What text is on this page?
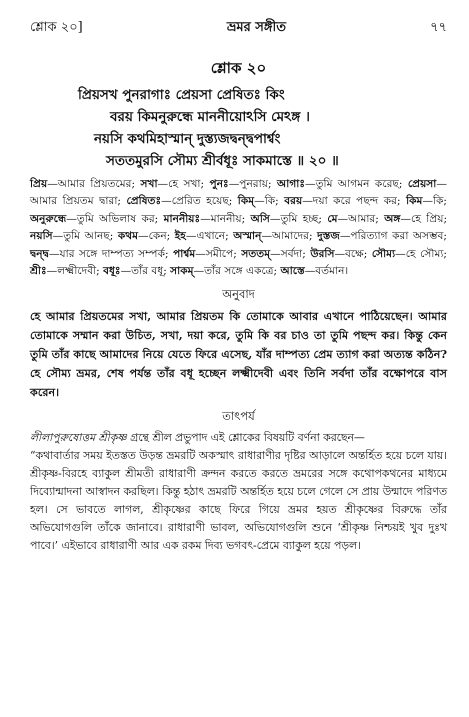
শ্লোক ২০]	ভ্রমর সঙ্গীত	৭৭
শ্লোক ২০
প্রিয়সখ পুনরাগাঃ প্রেয়সা প্রেষিতঃ কিং
বরয় কিমনুরুন্ধে মাননীয়োঽসি মেঽঙ্গ ।
নয়সি কথমিহাস্মান্ দুস্ত্যজদ্বন্দ্বপার্শ্বং
সততমুরসি সৌম্য শ্রীর্বধূঃ সাকমাস্তে ॥ ২০ ॥
প্রিয়—আমার প্রিয়তমের; সখা—হে সখা; পুনঃ—পুনরায়; আগাঃ—তুমি আগমন করেছ; প্রেয়সা—আমার প্রিয়তম দ্বারা; প্রেষিতঃ—প্রেরিত হয়েছ; কিম্—কি; বরয়—দয়া করে পছন্দ কর; কিম—কি; অনুরুন্ধে—তুমি অভিলাষ কর; মাননীয়ঃ—মাননীয়; অসি—তুমি হচ্ছ; মে—আমার; অঙ্গ—হে প্রিয়; নয়সি—তুমি আনছ; কথম—কেন; ইহ—এখানে; অস্মান্—আমাদের; দুস্তজ—পরিত্যাগ করা অসম্ভব; দ্বন্দ্ব—যার সঙ্গে দাম্পত্য সম্পর্ক; পার্শ্বম—সমীপে; সততম্—সর্বদা; উরসি—বক্ষে; সৌম্য—হে সৌম্য; শ্রীঃ—লক্ষ্মীদেবী; বধূঃ—তাঁর বধূ; সাকম্—তাঁর সঙ্গে একত্রে; আস্তে—বর্তমান।
অনুবাদ
হে আমার প্রিয়তমের সখা, আমার প্রিয়তম কি তোমাকে আবার এখানে পাঠিয়েছেন। আমার তোমাকে সম্মান করা উচিত, সখা, দয়া করে, তুমি কি বর চাও তা তুমি পছন্দ কর। কিন্তু কেন তুমি তাঁর কাছে আমাদের নিয়ে যেতে ফিরে এসেছ, যাঁর দাম্পত্য প্রেম ত্যাগ করা অত্যন্ত কঠিন? হে সৌম্য ভ্রমর, শেষ পর্যন্ত তাঁর বধূ হচ্ছেন লক্ষ্মীদেবী এবং তিনি সর্বদা তাঁর বক্ষোপরে বাস করেন।
তাৎপর্য

লীলাপুরুষোত্তম শ্রীকৃষ্ণ গ্রন্থে শ্রীল প্রভুপাদ এই শ্লোকের বিষয়টি বর্ণনা করছেন—

“কথাবার্তার সময় ইতস্তত উড়ন্ত ভ্রমরটি অকস্মাৎ রাধারাণীর দৃষ্টির আড়ালে অন্তর্হিত হয়ে চলে যায়। শ্রীকৃষ্ণ-বিরহে ব্যাকুল শ্রীমতী রাধারাণী ক্রন্দন করতে করতে ভ্রমরের সঙ্গে কথোপকথনের মাধ্যমে দিব্যোন্মাদনা আস্বাদন করছিল। কিন্তু হঠাৎ ভ্রমরটি অন্তর্হিত হয়ে চলে গেলে সে প্রায় উন্মাদে পরিণত হল। সে ভাবতে লাগল, শ্রীকৃষ্ণের কাছে ফিরে গিয়ে ভ্রমর হয়ত শ্রীকৃষ্ণের বিরুদ্ধে তাঁর অভিযোগগুলি তাঁকে জানাবে। রাধারাণী ভাবল, অভিযোগগুলি শুনে ‘শ্রীকৃষ্ণ নিশ্চয়ই খুব দুঃখ পাবে।’ এইভাবে রাধারাণী আর এক রকম দিব্য ভগবৎ-প্রেমে ব্যাকুল হয়ে পড়ল।
